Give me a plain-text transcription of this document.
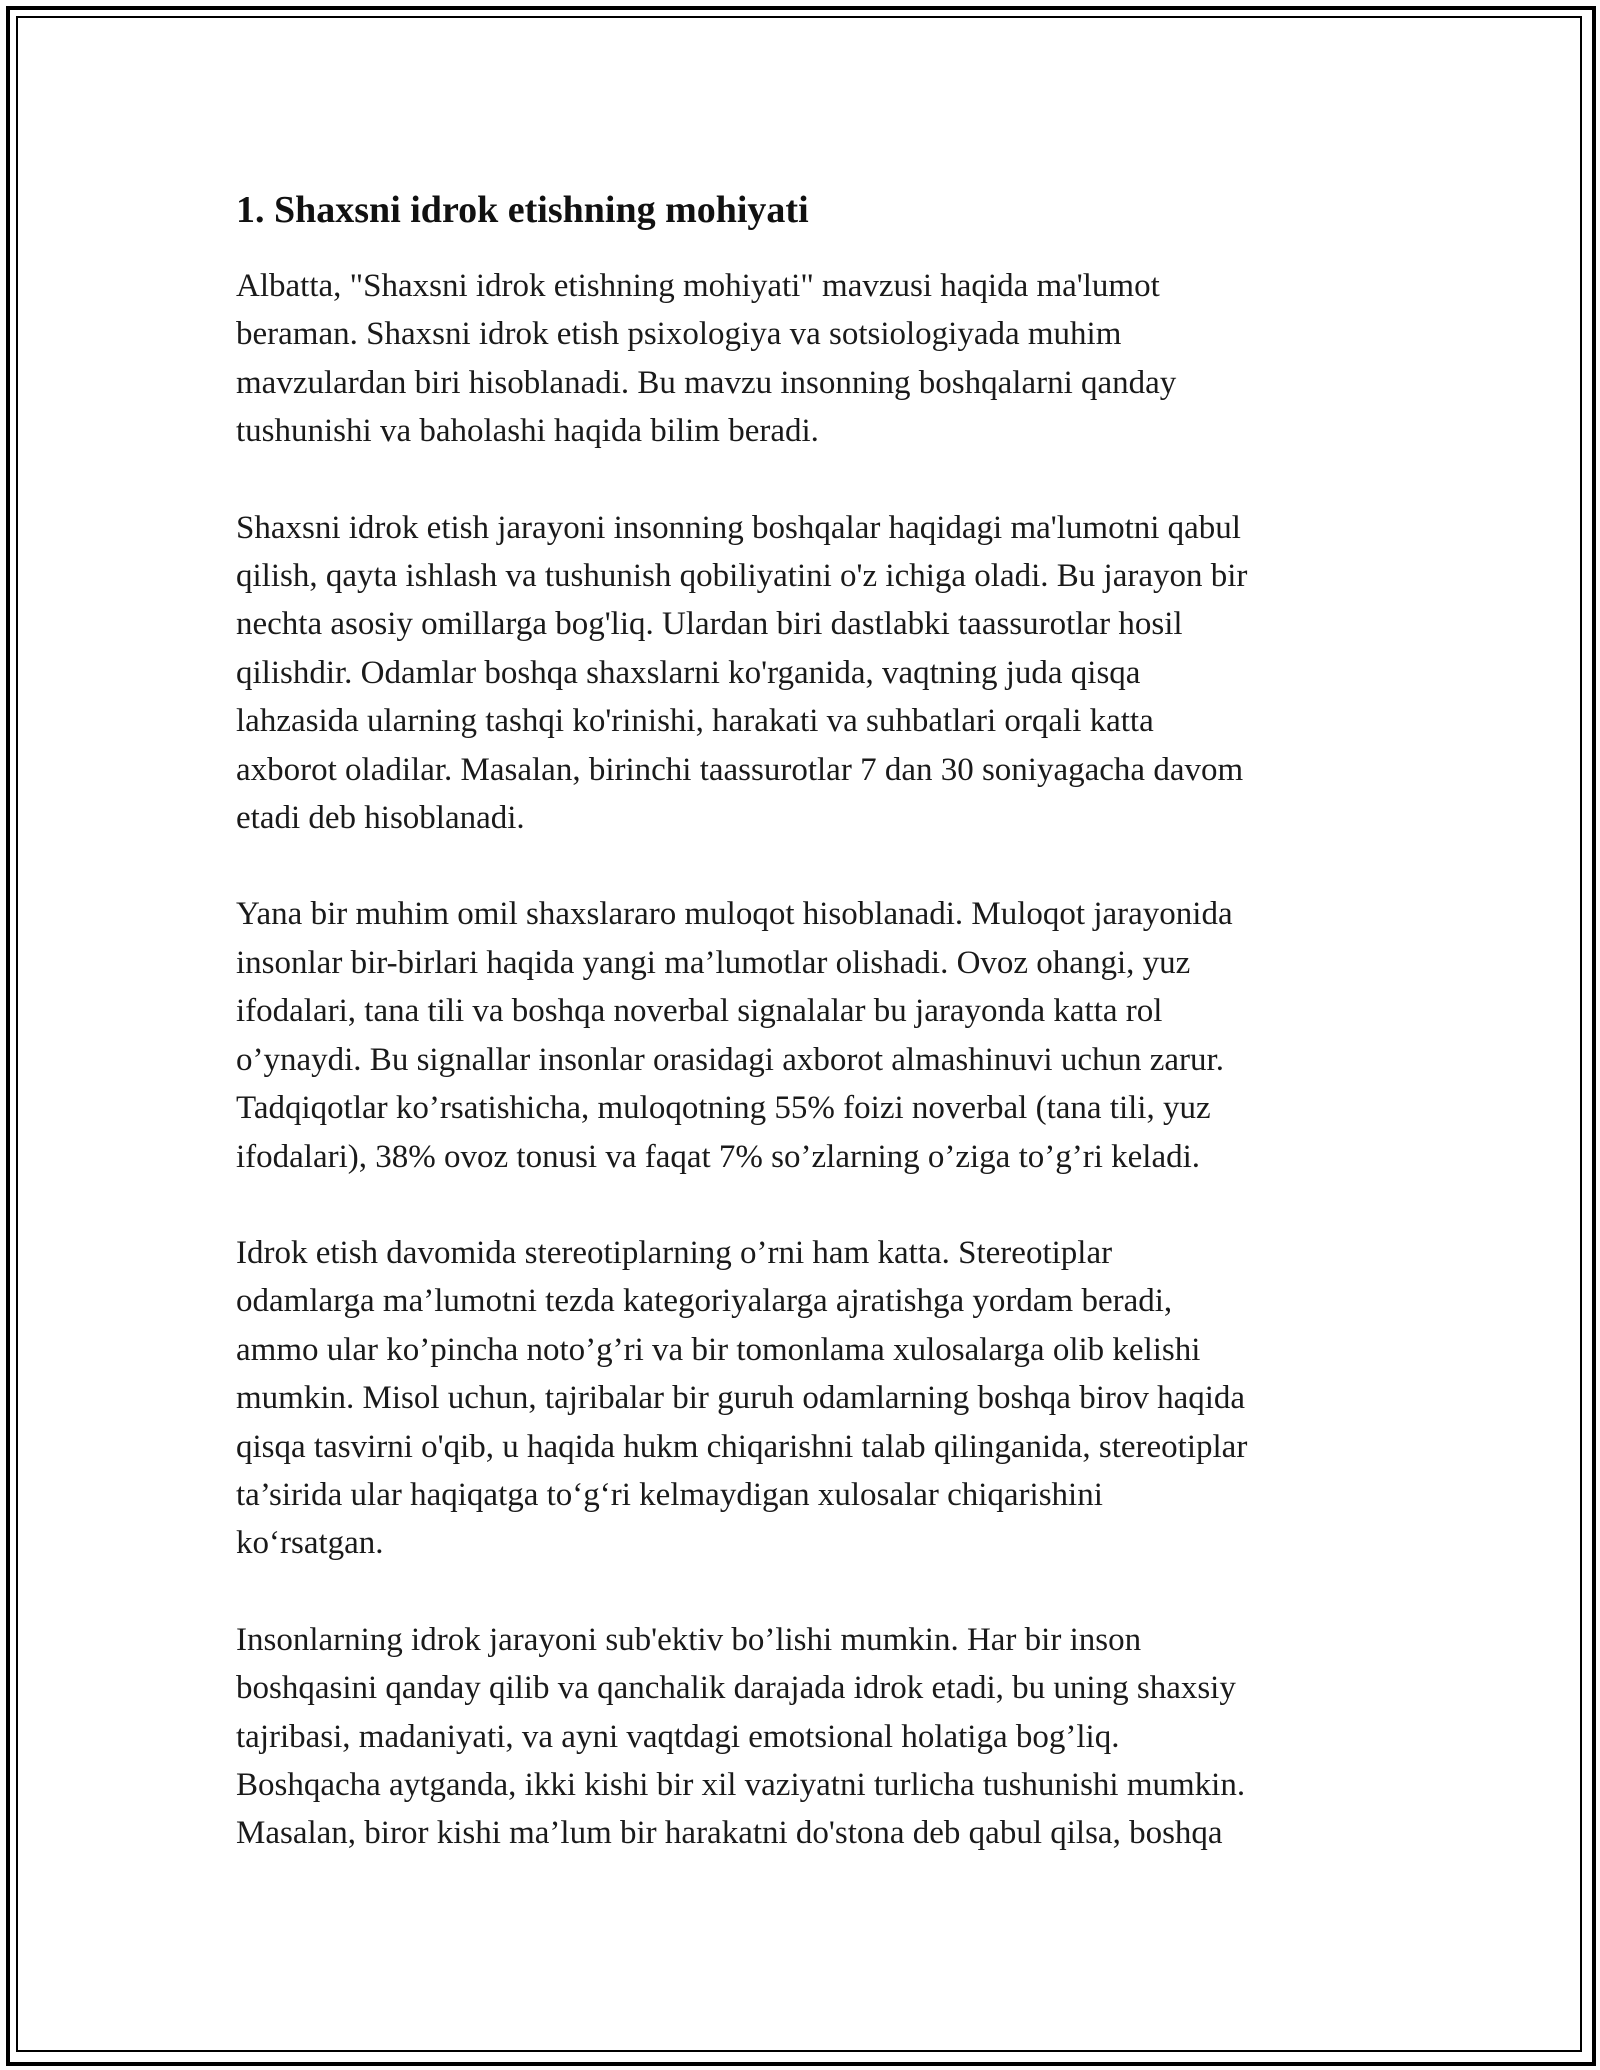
1. Shaxsni idrok etishning mohiyati

Albatta, "Shaxsni idrok etishning mohiyati" mavzusi haqida ma'lumot
beraman. Shaxsni idrok etish psixologiya va sotsiologiyada muhim
mavzulardan biri hisoblanadi. Bu mavzu insonning boshqalarni qanday
tushunishi va baholashi haqida bilim beradi.

Shaxsni idrok etish jarayoni insonning boshqalar haqidagi ma'lumotni qabul
qilish, qayta ishlash va tushunish qobiliyatini o'z ichiga oladi. Bu jarayon bir
nechta asosiy omillarga bog'liq. Ulardan biri dastlabki taassurotlar hosil
qilishdir. Odamlar boshqa shaxslarni ko'rganida, vaqtning juda qisqa
lahzasida ularning tashqi ko'rinishi, harakati va suhbatlari orqali katta
axborot oladilar. Masalan, birinchi taassurotlar 7 dan 30 soniyagacha davom
etadi deb hisoblanadi.

Yana bir muhim omil shaxslararo muloqot hisoblanadi. Muloqot jarayonida
insonlar bir-birlari haqida yangi ma’lumotlar olishadi. Ovoz ohangi, yuz
ifodalari, tana tili va boshqa noverbal signalalar bu jarayonda katta rol
o’ynaydi. Bu signallar insonlar orasidagi axborot almashinuvi uchun zarur.
Tadqiqotlar ko’rsatishicha, muloqotning 55% foizi noverbal (tana tili, yuz
ifodalari), 38% ovoz tonusi va faqat 7% so’zlarning o’ziga to’g’ri keladi.

Idrok etish davomida stereotiplarning o’rni ham katta. Stereotiplar
odamlarga ma’lumotni tezda kategoriyalarga ajratishga yordam beradi,
ammo ular ko’pincha noto’g’ri va bir tomonlama xulosalarga olib kelishi
mumkin. Misol uchun, tajribalar bir guruh odamlarning boshqa birov haqida
qisqa tasvirni o'qib, u haqida hukm chiqarishni talab qilinganida, stereotiplar
ta’sirida ular haqiqatga to‘g‘ri kelmaydigan xulosalar chiqarishini
ko‘rsatgan.

Insonlarning idrok jarayoni sub'ektiv bo’lishi mumkin. Har bir inson
boshqasini qanday qilib va qanchalik darajada idrok etadi, bu uning shaxsiy
tajribasi, madaniyati, va ayni vaqtdagi emotsional holatiga bog’liq.
Boshqacha aytganda, ikki kishi bir xil vaziyatni turlicha tushunishi mumkin.
Masalan, biror kishi ma’lum bir harakatni do'stona deb qabul qilsa, boshqa
